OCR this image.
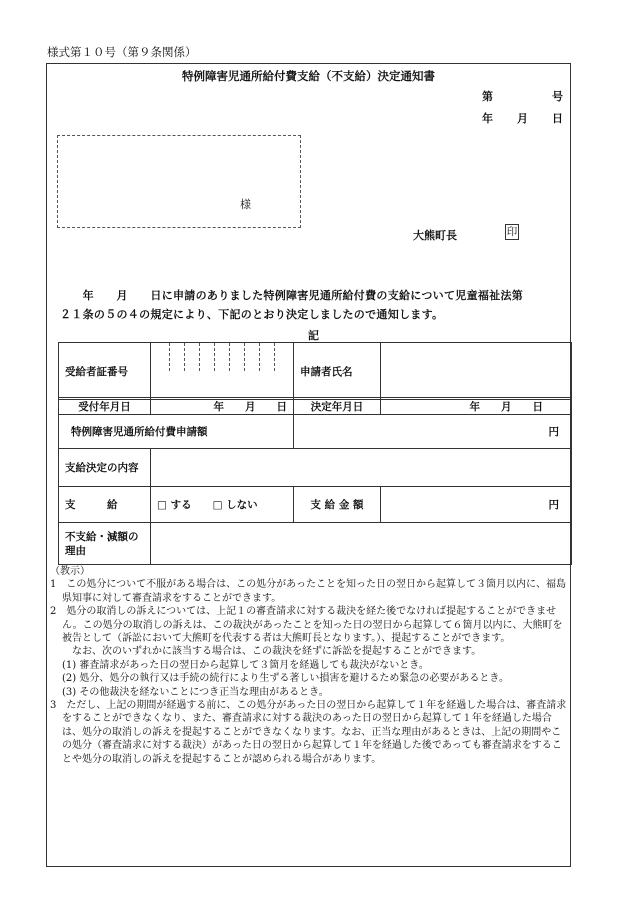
様式第１０号（第９条関係）
特例障害児通所給付費支給（不支給）決定通知書
第	号
年 月 日
様
大熊町長	印
　　年　　月　　日に申請のありました特例障害児通所給付費の支給について児童福祉法第
２１条の５の４の規定により、下記のとおり決定しましたので通知します。
記
受給者証番号		申請者氏名	
受付年月日	年　　月　　日	決定年月日	年　　月　　日
特例障害児通所給付費申請額		円	
支給決定の内容			
支　　　給	□ する　　 □ しない	支 給 金 額	円
不支給・減額の理由			

（教示）

1　この処分について不服がある場合は、この処分があったことを知った日の翌日から起算して３箇月以内に、福島県知事に対して審査請求をすることができます。

2　処分の取消しの訴えについては、上記１の審査請求に対する裁決を経た後でなければ提起することができません。この処分の取消しの訴えは、この裁決があったことを知った日の翌日から起算して６箇月以内に、大熊町を被告として（訴訟において大熊町を代表する者は大熊町長となります。）、提起することができます。

　なお、次のいずれかに該当する場合は、この裁決を経ずに訴訟を提起することができます。

(1) 審査請求があった日の翌日から起算して３箇月を経過しても裁決がないとき。

(2) 処分、処分の執行又は手続の続行により生ずる著しい損害を避けるため緊急の必要があるとき。

(3) その他裁決を経ないことにつき正当な理由があるとき。

3　ただし、上記の期間が経過する前に、この処分があった日の翌日から起算して１年を経過した場合は、審査請求をすることができなくなり、また、審査請求に対する裁決のあった日の翌日から起算して１年を経過した場合は、処分の取消しの訴えを提起することができなくなります。なお、正当な理由があるときは、上記の期間やこの処分（審査請求に対する裁決）があった日の翌日から起算して１年を経過した後であっても審査請求をすることや処分の取消しの訴えを提起することが認められる場合があります。
